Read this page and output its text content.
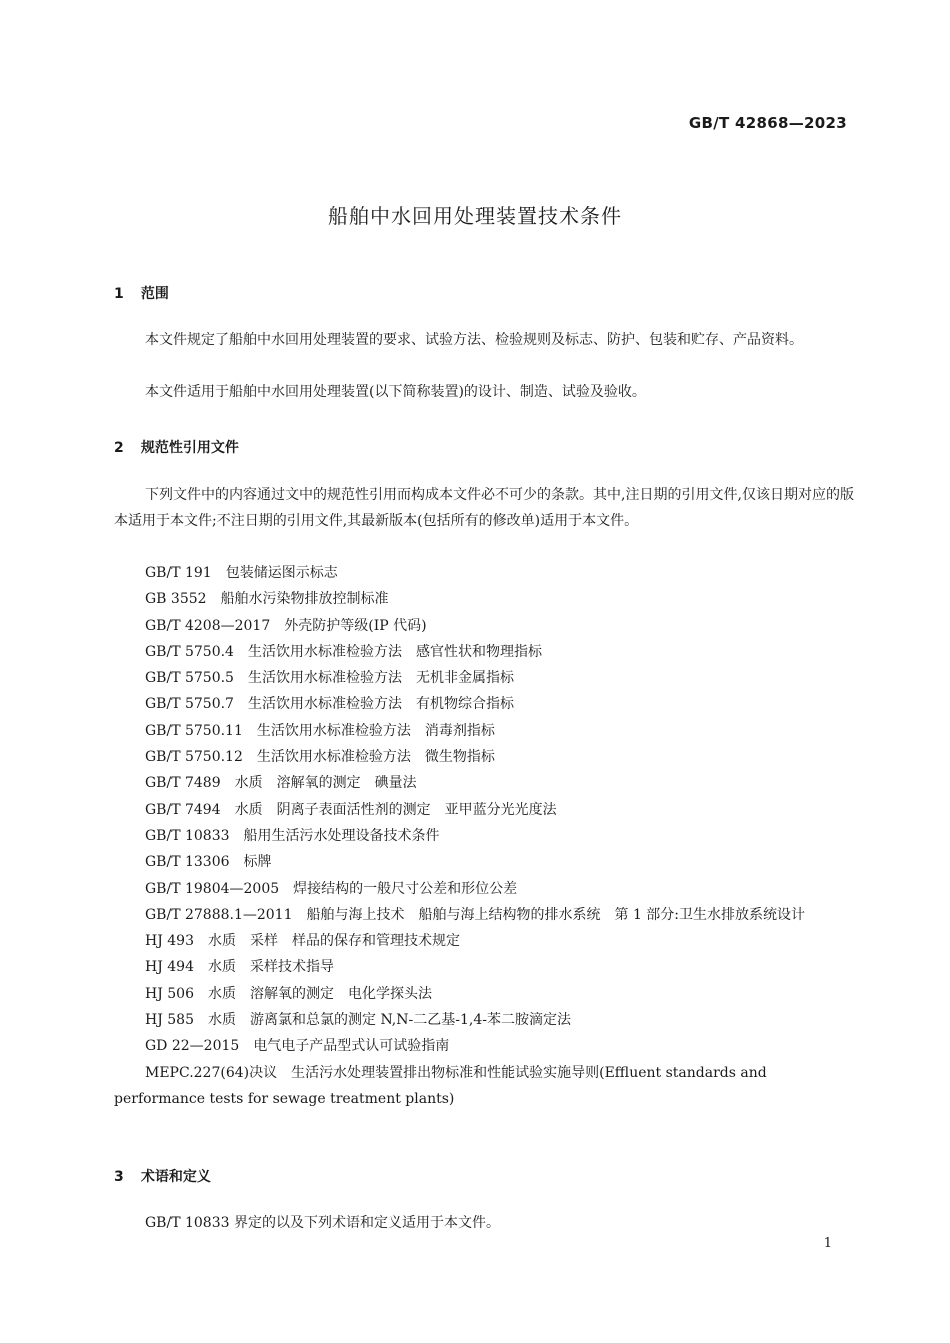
GB/T 42868—2023
船舶中水回用处理装置技术条件
1 范围

本文件规定了船舶中水回用处理装置的要求、试验方法、检验规则及标志、防护、包装和贮存、产品资料。

本文件适用于船舶中水回用处理装置(以下简称装置)的设计、制造、试验及验收。

2 规范性引用文件

下列文件中的内容通过文中的规范性引用而构成本文件必不可少的条款。其中,注日期的引用文件,仅该日期对应的版本适用于本文件;不注日期的引用文件,其最新版本(包括所有的修改单)适用于本文件。

GB/T 191 包装储运图示标志
GB 3552 船舶水污染物排放控制标准
GB/T 4208—2017 外壳防护等级(IP 代码)
GB/T 5750.4 生活饮用水标准检验方法　感官性状和物理指标
GB/T 5750.5 生活饮用水标准检验方法　无机非金属指标
GB/T 5750.7 生活饮用水标准检验方法　有机物综合指标
GB/T 5750.11 生活饮用水标准检验方法　消毒剂指标
GB/T 5750.12 生活饮用水标准检验方法　微生物指标
GB/T 7489 水质　溶解氧的测定　碘量法
GB/T 7494 水质　阴离子表面活性剂的测定　亚甲蓝分光光度法
GB/T 10833 船用生活污水处理设备技术条件
GB/T 13306 标牌
GB/T 19804—2005 焊接结构的一般尺寸公差和形位公差
GB/T 27888.1—2011 船舶与海上技术　船舶与海上结构物的排水系统　第 1 部分:卫生水排放系统设计
HJ 493 水质　采样　样品的保存和管理技术规定
HJ 494 水质　采样技术指导
HJ 506 水质　溶解氧的测定　电化学探头法
HJ 585 水质　游离氯和总氯的测定 N,N-二乙基-1,4-苯二胺滴定法
GD 22—2015 电气电子产品型式认可试验指南
MEPC.227(64)决议 生活污水处理装置排出物标准和性能试验实施导则(Effluent standards and performance tests for sewage treatment plants)
3 术语和定义

GB/T 10833 界定的以及下列术语和定义适用于本文件。

1
